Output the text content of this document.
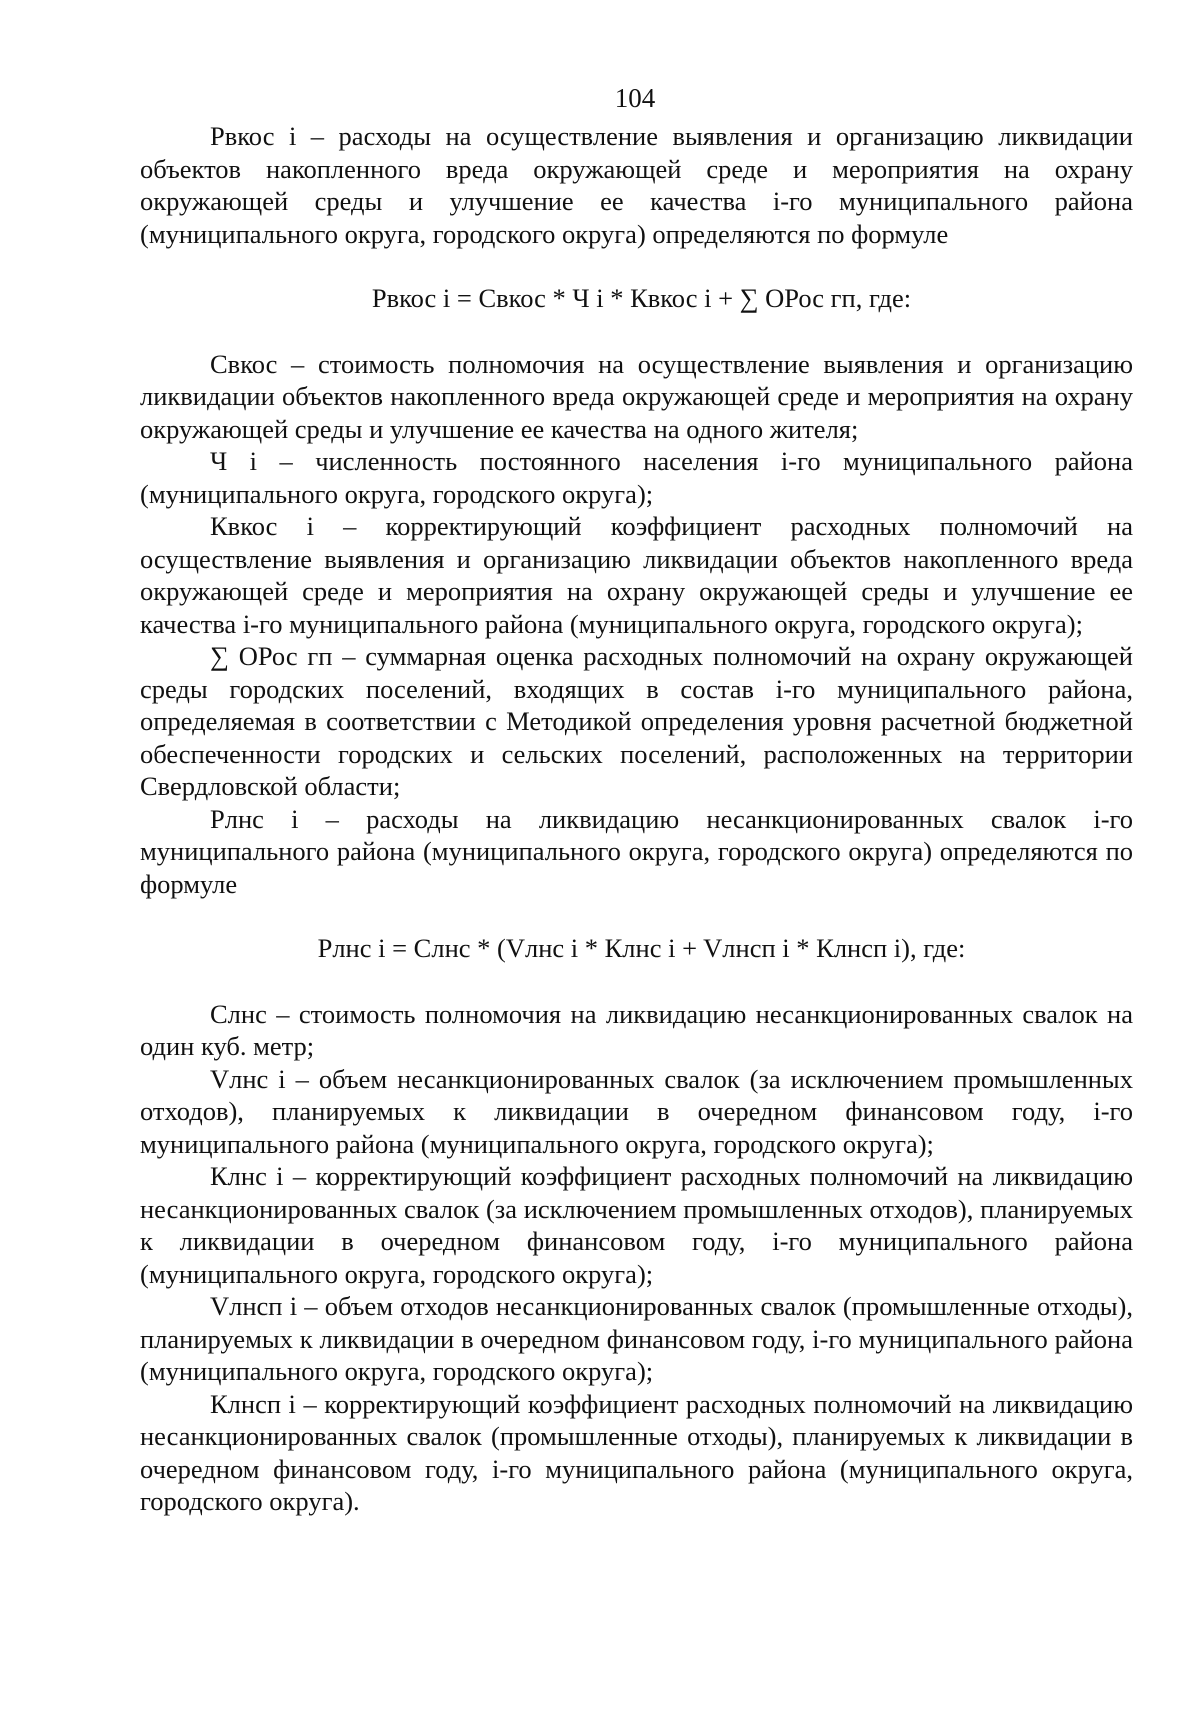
104

Рвкос i – расходы на осуществление выявления и организацию ликвидации объектов накопленного вреда окружающей среде и мероприятия на охрану окружающей среды и улучшение ее качества i-го муниципального района (муниципального округа, городского округа) определяются по формуле

Рвкос i = Свкос * Ч i * Квкос i + ∑ ОРос гп, где:

Свкос – стоимость полномочия на осуществление выявления и организацию ликвидации объектов накопленного вреда окружающей среде и мероприятия на охрану окружающей среды и улучшение ее качества на одного жителя;

Ч i – численность постоянного населения i-го муниципального района (муниципального округа, городского округа);

Квкос i – корректирующий коэффициент расходных полномочий на осуществление выявления и организацию ликвидации объектов накопленного вреда окружающей среде и мероприятия на охрану окружающей среды и улучшение ее качества i-го муниципального района (муниципального округа, городского округа);

∑ ОРос гп – суммарная оценка расходных полномочий на охрану окружающей среды городских поселений, входящих в состав i-го муниципального района, определяемая в соответствии с Методикой определения уровня расчетной бюджетной обеспеченности городских и сельских поселений, расположенных на территории Свердловской области;

Рлнс i – расходы на ликвидацию несанкционированных свалок i-го муниципального района (муниципального округа, городского округа) определяются по формуле

Рлнс i = Слнс * (Vлнс i * Клнс i + Vлнсп i * Клнсп i), где:

Слнс – стоимость полномочия на ликвидацию несанкционированных свалок на один куб. метр;

Vлнс i – объем несанкционированных свалок (за исключением промышленных отходов), планируемых к ликвидации в очередном финансовом году, i-го муниципального района (муниципального округа, городского округа);

Клнс i – корректирующий коэффициент расходных полномочий на ликвидацию несанкционированных свалок (за исключением промышленных отходов), планируемых к ликвидации в очередном финансовом году, i-го муниципального района (муниципального округа, городского округа);

Vлнсп i – объем отходов несанкционированных свалок (промышленные отходы), планируемых к ликвидации в очередном финансовом году, i-го муниципального района (муниципального округа, городского округа);

Клнсп i – корректирующий коэффициент расходных полномочий на ликвидацию несанкционированных свалок (промышленные отходы), планируемых к ликвидации в очередном финансовом году, i-го муниципального района (муниципального округа, городского округа).
